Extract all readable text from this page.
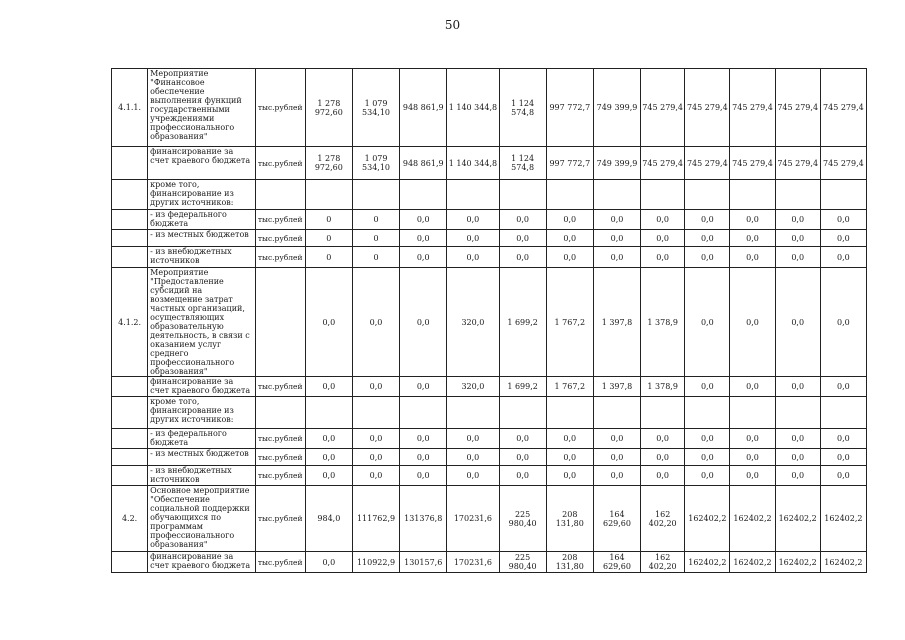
50
4.1.1.	Мероприятие "Финансовое обеспечение выполнения функций государственными учреждениями профессионального образования"	тыс.рублей	1 278 972,60	1 079 534,10	948 861,9	1 140 344,8	1 124 574,8	997 772,7	749 399,9	745 279,4	745 279,4	745 279,4	745 279,4	745 279,4
	финансирование за счет краевого бюджета	тыс.рублей	1 278 972,60	1 079 534,10	948 861,9	1 140 344,8	1 124 574,8	997 772,7	749 399,9	745 279,4	745 279,4	745 279,4	745 279,4	745 279,4
	кроме того, финансирование из других источников:													
	- из федерального бюджета	тыс.рублей	0	0	0,0	0,0	0,0	0,0	0,0	0,0	0,0	0,0	0,0	0,0
	- из местных бюджетов	тыс.рублей	0	0	0,0	0,0	0,0	0,0	0,0	0,0	0,0	0,0	0,0	0,0
	- из внебюджетных источников	тыс.рублей	0	0	0,0	0,0	0,0	0,0	0,0	0,0	0,0	0,0	0,0	0,0
4.1.2.	Мероприятие "Предоставление субсидий на возмещение затрат частных организаций, осуществляющих образовательную деятельность, в связи с оказанием услуг среднего профессионального образования"		0,0	0,0	0,0	320,0	1 699,2	1 767,2	1 397,8	1 378,9	0,0	0,0	0,0	0,0
	финансирование за счет краевого бюджета	тыс.рублей	0,0	0,0	0,0	320,0	1 699,2	1 767,2	1 397,8	1 378,9	0,0	0,0	0,0	0,0
	кроме того, финансирование из других источников:													
	- из федерального бюджета	тыс.рублей	0,0	0,0	0,0	0,0	0,0	0,0	0,0	0,0	0,0	0,0	0,0	0,0
	- из местных бюджетов	тыс.рублей	0,0	0,0	0,0	0,0	0,0	0,0	0,0	0,0	0,0	0,0	0,0	0,0
	- из внебюджетных источников	тыс.рублей	0,0	0,0	0,0	0,0	0,0	0,0	0,0	0,0	0,0	0,0	0,0	0,0
4.2.	Основное мероприятие "Обеспечение социальной поддержки обучающихся по программам профессионального образования"	тыс.рублей	984,0	111762,9	131376,8	170231,6	225 980,40	208 131,80	164 629,60	162 402,20	162402,2	162402,2	162402,2	162402,2
	финансирование за счет краевого бюджета	тыс.рублей	0,0	110922,9	130157,6	170231,6	225 980,40	208 131,80	164 629,60	162 402,20	162402,2	162402,2	162402,2	162402,2
